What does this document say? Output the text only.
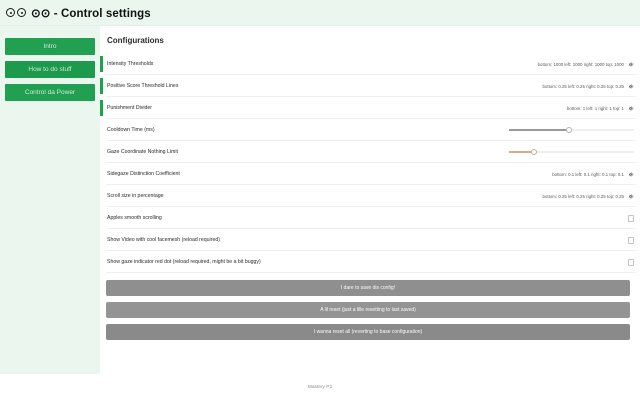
⊙⊙ - Control settings
Intro
How to do stuff
Control da Power
Configurations
Intensity Thresholds	bottom: 1000 left: 1000 right: 1000 top: 1000
Positive Score Threshold Lines	bottom: 0.25 left: 0.25 right: 0.25 top: 0.25
Punishment Divider	bottom: 1 left: 1 right: 1 top: 1
Cooldown Time (ms)
Gaze Coordinate Nothing Limit
Sidegaze Distinction Coefficient	bottom: 0.1 left: 0.1 right: 0.1 top: 0.1
Scroll size in percentage	bottom: 0.25 left: 0.25 right: 0.25 top: 0.25
Apples smooth scrolling
Show Video with cool facemesh (reload required)
Show gaze indicator red dot (reload required, might be a bit buggy)
I dare to save dis config!
A lil reset (just a lille resetting to last saved)
I wanna reset all (reverting to base configuration)
Mastery P2
